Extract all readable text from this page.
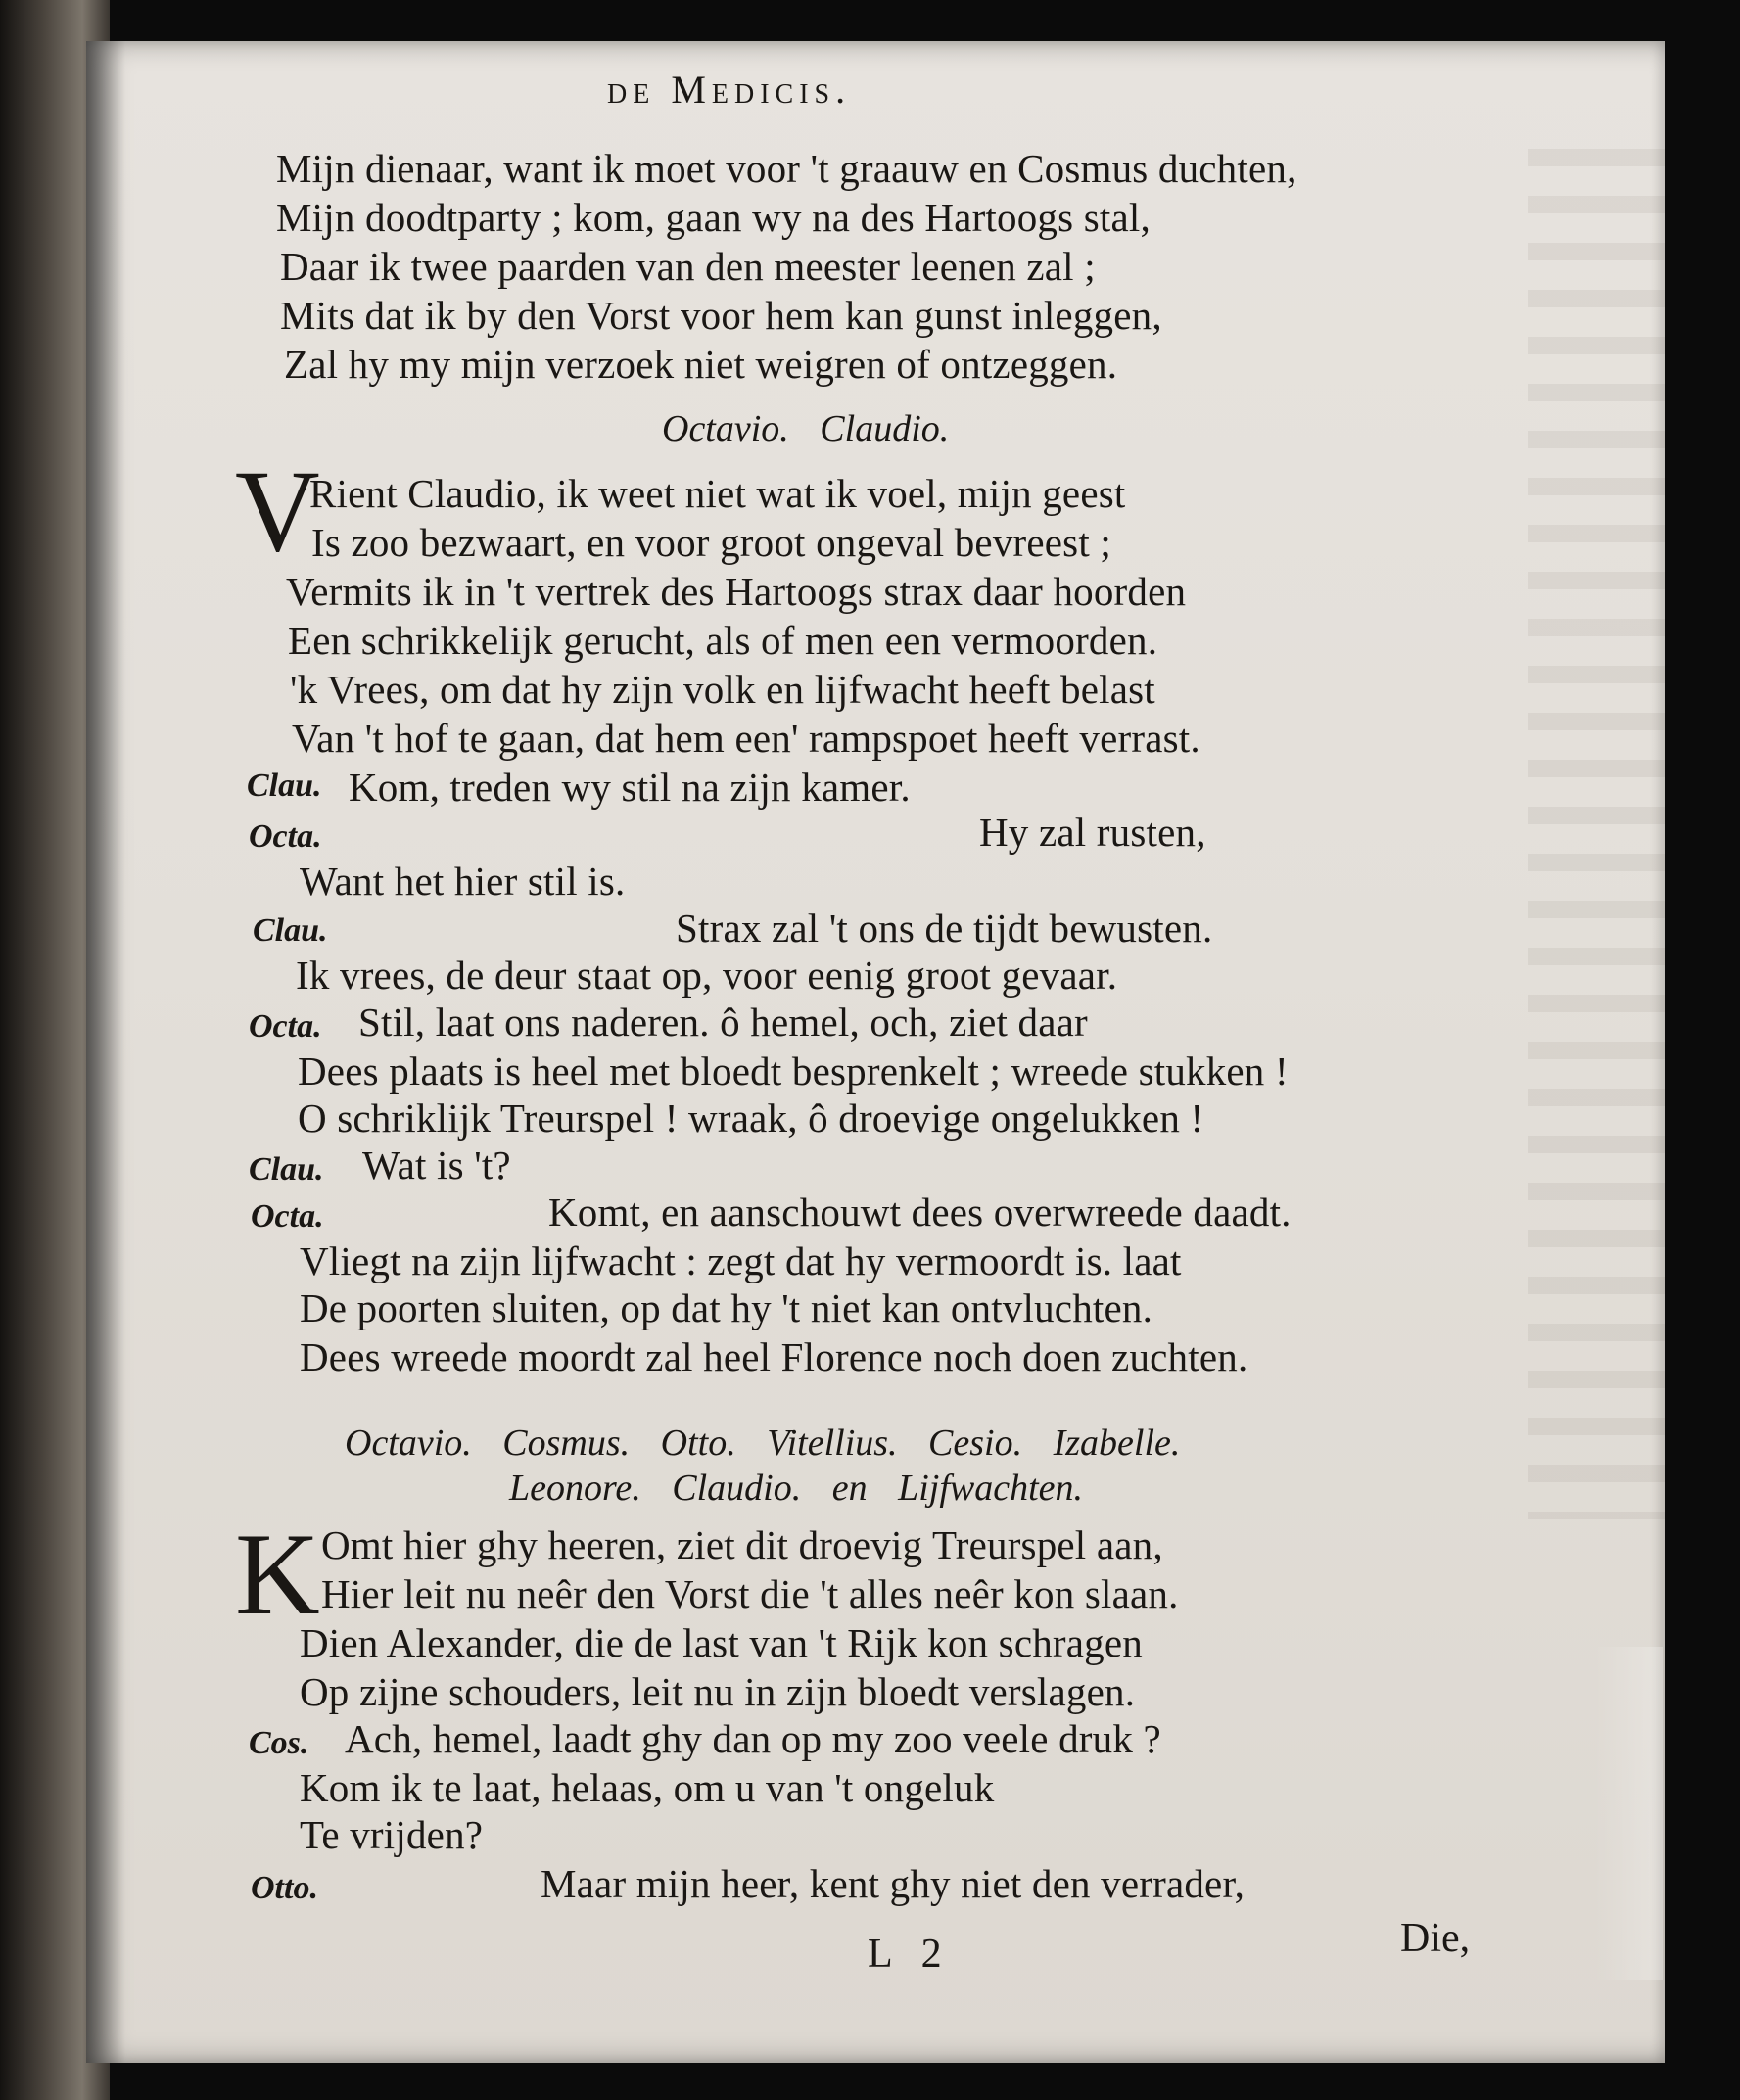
de Medicis.
Mijn dienaar, want ik moet voor 't graauw en Cosmus duchten,
Mijn doodtparty ; kom, gaan wy na des Hartoogs stal,
Daar ik twee paarden van den meester leenen zal ;
Mits dat ik by den Vorst voor hem kan gunst inleggen,
Zal hy my mijn verzoek niet weigren of ontzeggen.
Octavio. Claudio.
V
Rient Claudio, ik weet niet wat ik voel, mijn geest
Is zoo bezwaart, en voor groot ongeval bevreest ;
Vermits ik in 't vertrek des Hartoogs strax daar hoorden
Een schrikkelijk gerucht, als of men een vermoorden.
'k Vrees, om dat hy zijn volk en lijfwacht heeft belast
Van 't hof te gaan, dat hem een' rampspoet heeft verrast.
Clau. Kom, treden wy stil na zijn kamer.
Octa.	Hy zal rusten,
Want het hier stil is.
Clau.	Strax zal 't ons de tijdt bewusten.
Ik vrees, de deur staat op, voor eenig groot gevaar.
Octa. Stil, laat ons naderen. ô hemel, och, ziet daar
Dees plaats is heel met bloedt besprenkelt ; wreede stukken !
O schriklijk Treurspel ! wraak, ô droevige ongelukken !
Clau. Wat is 't?
Octa.	Komt, en aanschouwt dees overwreede daadt.
Vliegt na zijn lijfwacht : zegt dat hy vermoordt is. laat
De poorten sluiten, op dat hy 't niet kan ontvluchten.
Dees wreede moordt zal heel Florence noch doen zuchten.
Octavio. Cosmus. Otto. Vitellius. Cesio. Izabelle.
Leonore. Claudio. en Lijfwachten.
K Omt hier ghy heeren, ziet dit droevig Treurspel aan,
Hier leit nu neêr den Vorst die 't alles neêr kon slaan.
Dien Alexander, die de last van 't Rijk kon schragen
Op zijne schouders, leit nu in zijn bloedt verslagen.
Cos. Ach, hemel, laadt ghy dan op my zoo veele druk ?
Kom ik te laat, helaas, om u van 't ongeluk
Te vrijden?
Otto.	Maar mijn heer, kent ghy niet den verrader,
L 2	Die,
